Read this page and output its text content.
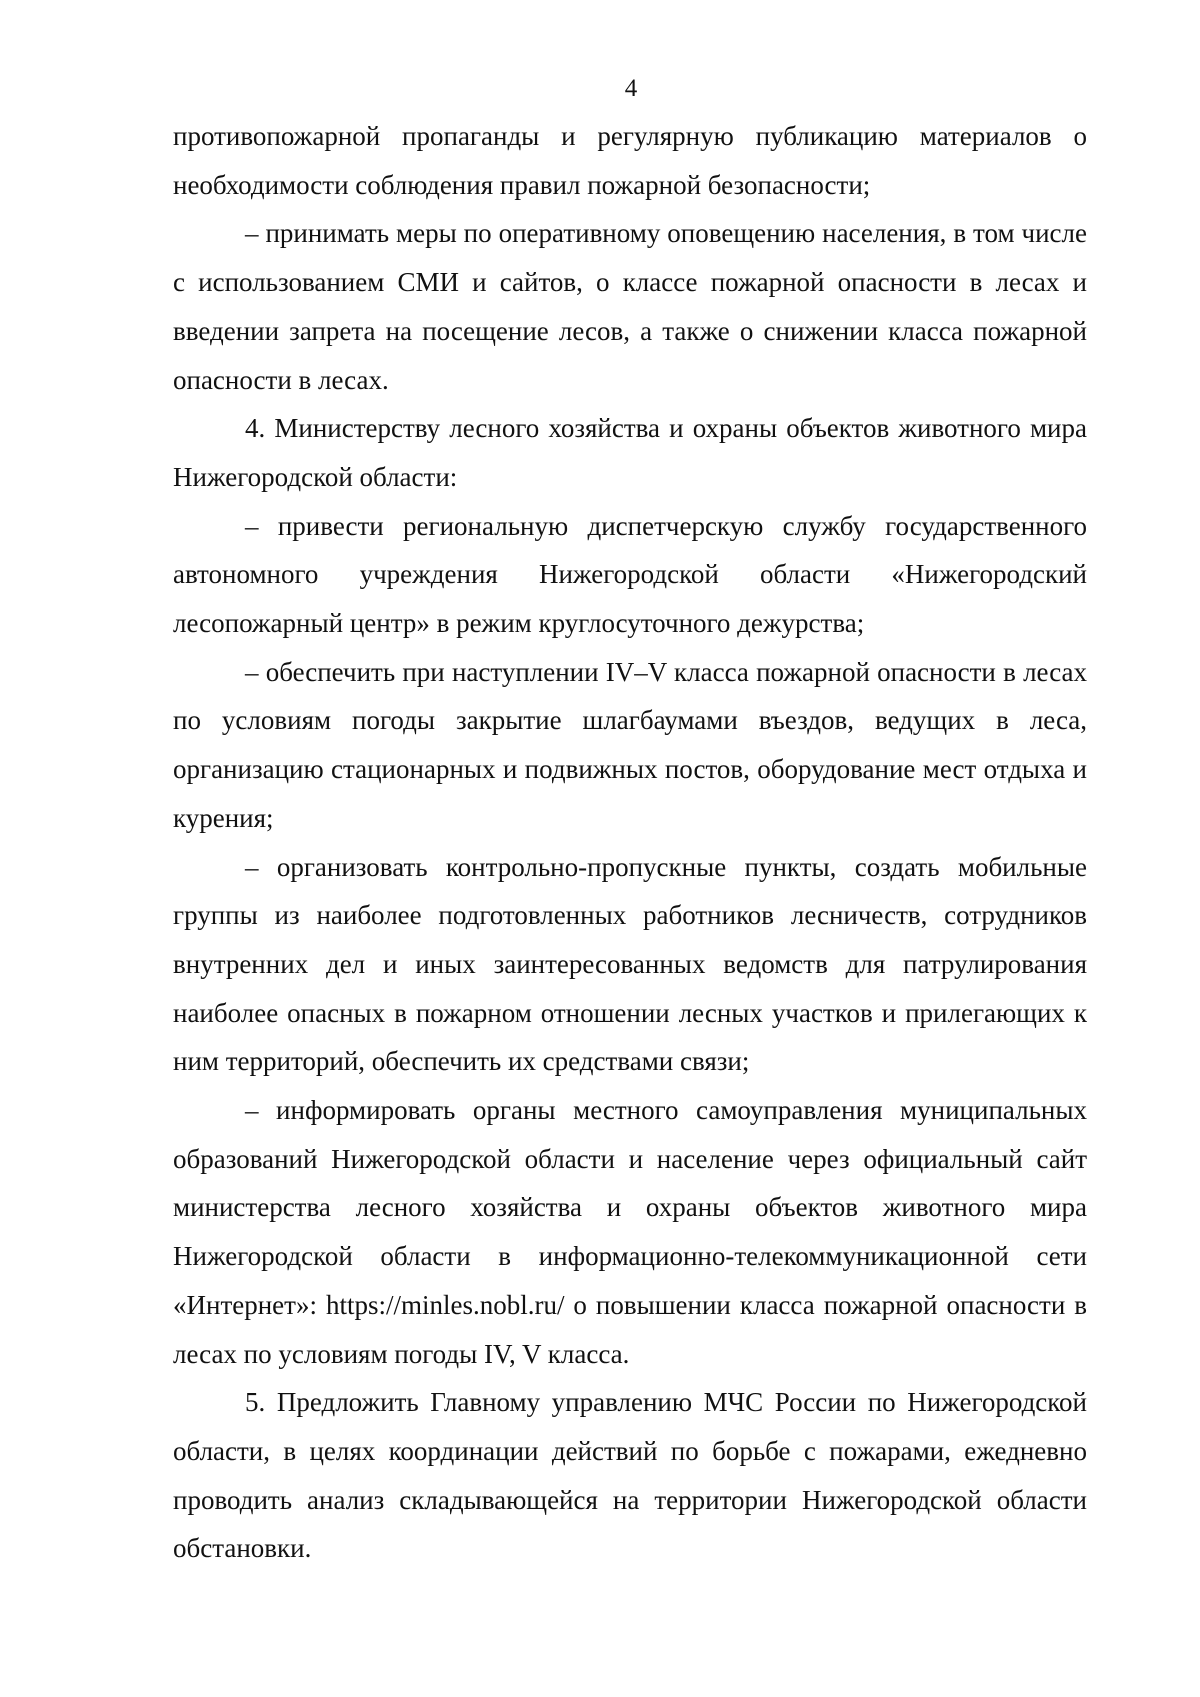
4

противопожарной пропаганды и регулярную публикацию материалов о необходимости соблюдения правил пожарной безопасности;

– принимать меры по оперативному оповещению населения, в том числе с использованием СМИ и сайтов, о классе пожарной опасности в лесах и введении запрета на посещение лесов, а также о снижении класса пожарной опасности в лесах.

4. Министерству лесного хозяйства и охраны объектов животного мира Нижегородской области:

– привести региональную диспетчерскую службу государственного автономного учреждения Нижегородской области «Нижегородский лесопожарный центр» в режим круглосуточного дежурства;

– обеспечить при наступлении IV–V класса пожарной опасности в лесах по условиям погоды закрытие шлагбаумами въездов, ведущих в леса, организацию стационарных и подвижных постов, оборудование мест отдыха и курения;

– организовать контрольно-пропускные пункты, создать мобильные группы из наиболее подготовленных работников лесничеств, сотрудников внутренних дел и иных заинтересованных ведомств для патрулирования наиболее опасных в пожарном отношении лесных участков и прилегающих к ним территорий, обеспечить их средствами связи;

– информировать органы местного самоуправления муниципальных образований Нижегородской области и население через официальный сайт министерства лесного хозяйства и охраны объектов животного мира Нижегородской области в информационно-телекоммуникационной сети «Интернет»: https://minles.nobl.ru/ о повышении класса пожарной опасности в лесах по условиям погоды IV, V класса.

5. Предложить Главному управлению МЧС России по Нижегородской области, в целях координации действий по борьбе с пожарами, ежедневно проводить анализ складывающейся на территории Нижегородской области обстановки.
